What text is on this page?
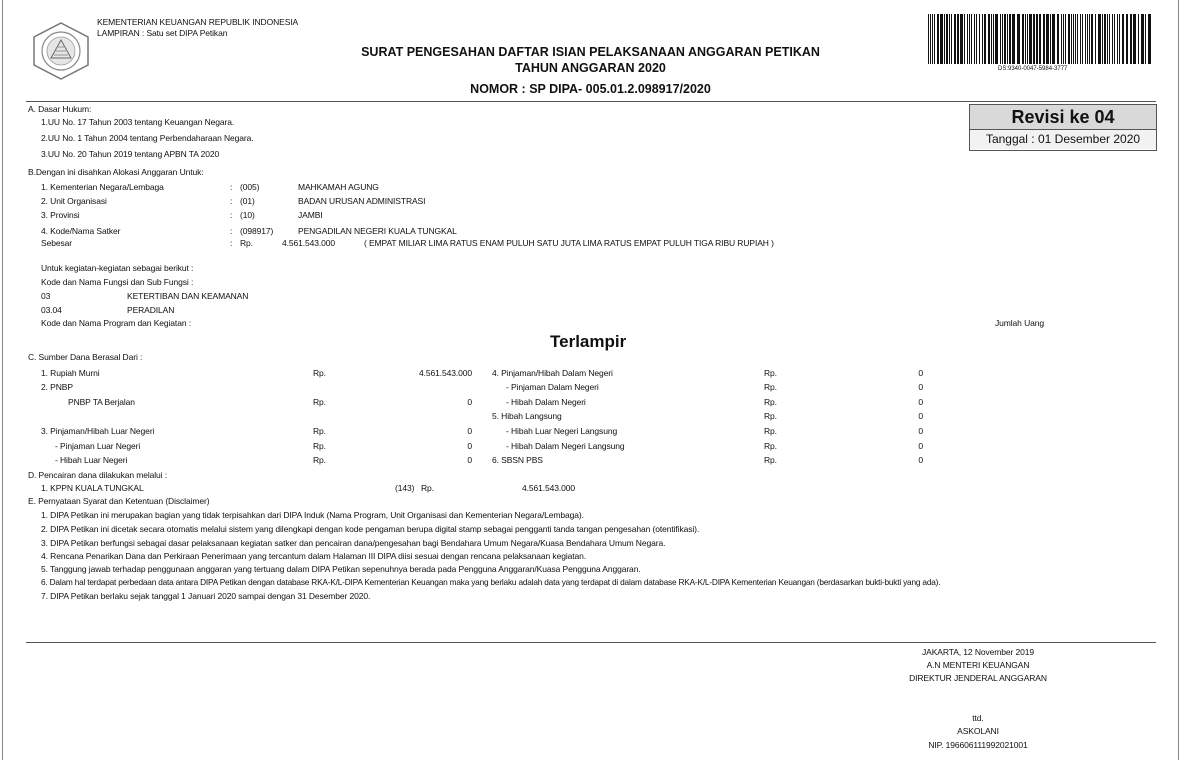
KEMENTERIAN KEUANGAN REPUBLIK INDONESIA
LAMPIRAN : Satu set DIPA Petikan
SURAT PENGESAHAN DAFTAR ISIAN PELAKSANAAN ANGGARAN PETIKAN
TAHUN ANGGARAN 2020
NOMOR : SP DIPA- 005.01.2.098917/2020
DS:9340-0047-5984-3777
Revisi ke 04
Tanggal : 01 Desember 2020
A. Dasar Hukum:
1.UU No. 17 Tahun 2003 tentang Keuangan Negara.
2.UU No. 1 Tahun 2004 tentang Perbendaharaan Negara.
3.UU No. 20 Tahun 2019 tentang APBN TA 2020
B.Dengan ini disahkan Alokasi Anggaran Untuk:
1. Kementerian Negara/Lembaga	: (005)	MAHKAMAH AGUNG
2. Unit Organisasi	: (01)	BADAN URUSAN ADMINISTRASI
3. Provinsi	: (10)	JAMBI
4. Kode/Nama Satker	: (098917)	PENGADILAN NEGERI KUALA TUNGKAL
Sebesar	: Rp.	4.561.543.000	( EMPAT MILIAR LIMA RATUS ENAM PULUH SATU JUTA LIMA RATUS EMPAT PULUH TIGA RIBU RUPIAH )
Untuk kegiatan-kegiatan sebagai berikut :
Kode dan Nama Fungsi dan Sub Fungsi :
03	KETERTIBAN DAN KEAMANAN
03.04	PERADILAN
Kode dan Nama Program dan Kegiatan :	Jumlah Uang
Terlampir
C. Sumber Dana Berasal Dari :
1. Rupiah Murni	Rp.	4.561.543.000
2. PNBP
PNBP TA Berjalan	Rp.	0
3. Pinjaman/Hibah Luar Negeri	Rp.	0
- Pinjaman Luar Negeri	Rp.	0
- Hibah Luar Negeri	Rp.	0
4. Pinjaman/Hibah Dalam Negeri	Rp.	0
- Pinjaman Dalam Negeri	Rp.	0
- Hibah Dalam Negeri	Rp.	0
5. Hibah Langsung	Rp.	0
- Hibah Luar Negeri Langsung	Rp.	0
- Hibah Dalam Negeri Langsung	Rp.	0
6. SBSN PBS	Rp.	0
D. Pencairan dana dilakukan melalui :
1. KPPN KUALA TUNGKAL	(143) Rp.	4.561.543.000
E. Pernyataan Syarat dan Ketentuan (Disclaimer)
1. DIPA Petikan ini merupakan bagian yang tidak terpisahkan dari DIPA Induk (Nama Program, Unit Organisasi dan Kementerian Negara/Lembaga).
2. DIPA Petikan ini dicetak secara otomatis melalui sistem yang dilengkapi dengan kode pengaman berupa digital stamp sebagai pengganti tanda tangan pengesahan (otentifikasi).
3. DIPA Petikan berfungsi sebagai dasar pelaksanaan kegiatan satker dan pencairan dana/pengesahan bagi Bendahara Umum Negara/Kuasa Bendahara Umum Negara.
4. Rencana Penarikan Dana dan Perkiraan Penerimaan yang tercantum dalam Halaman III DIPA diisi sesuai dengan rencana pelaksanaan kegiatan.
5. Tanggung jawab terhadap penggunaan anggaran yang tertuang dalam DIPA Petikan sepenuhnya berada pada Pengguna Anggaran/Kuasa Pengguna Anggaran.
6. Dalam hal terdapat perbedaan data antara DIPA Petikan dengan database RKA-K/L-DIPA Kementerian Keuangan maka yang berlaku adalah data yang terdapat di dalam database RKA-K/L-DIPA Kementerian Keuangan (berdasarkan bukti-bukti yang ada).
7. DIPA Petikan berlaku sejak tanggal 1 Januari 2020 sampai dengan 31 Desember 2020.
JAKARTA, 12 November 2019
A.N MENTERI KEUANGAN
DIREKTUR JENDERAL ANGGARAN
ttd.
ASKOLANI
NIP. 196606111992021001
